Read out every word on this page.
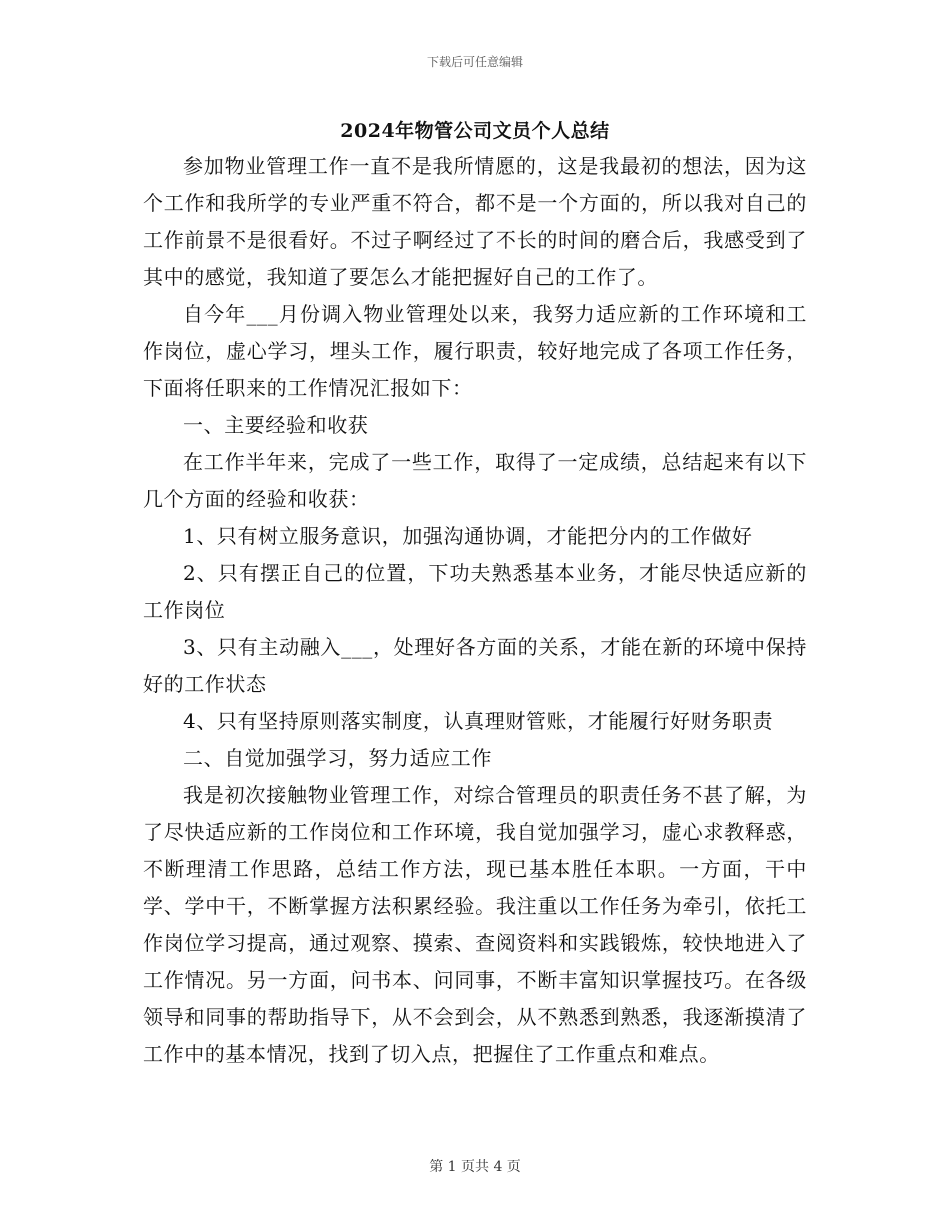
下载后可任意编辑
2024年物管公司文员个人总结

参加物业管理工作一直不是我所情愿的，这是我最初的想法，因为这个工作和我所学的专业严重不符合，都不是一个方面的，所以我对自己的工作前景不是很看好。不过子啊经过了不长的时间的磨合后，我感受到了其中的感觉，我知道了要怎么才能把握好自己的工作了。

自今年___月份调入物业管理处以来，我努力适应新的工作环境和工作岗位，虚心学习，埋头工作，履行职责，较好地完成了各项工作任务，下面将任职来的工作情况汇报如下：

一、主要经验和收获

在工作半年来，完成了一些工作，取得了一定成绩，总结起来有以下几个方面的经验和收获：

1、只有树立服务意识，加强沟通协调，才能把分内的工作做好

2、只有摆正自己的位置，下功夫熟悉基本业务，才能尽快适应新的工作岗位

3、只有主动融入___，处理好各方面的关系，才能在新的环境中保持好的工作状态

4、只有坚持原则落实制度，认真理财管账，才能履行好财务职责

二、自觉加强学习，努力适应工作

我是初次接触物业管理工作，对综合管理员的职责任务不甚了解，为了尽快适应新的工作岗位和工作环境，我自觉加强学习，虚心求教释惑，不断理清工作思路，总结工作方法，现已基本胜任本职。一方面，干中学、学中干，不断掌握方法积累经验。我注重以工作任务为牵引，依托工作岗位学习提高，通过观察、摸索、查阅资料和实践锻炼，较快地进入了工作情况。另一方面，问书本、问同事，不断丰富知识掌握技巧。在各级领导和同事的帮助指导下，从不会到会，从不熟悉到熟悉，我逐渐摸清了工作中的基本情况，找到了切入点，把握住了工作重点和难点。

第 1 页共 4 页
